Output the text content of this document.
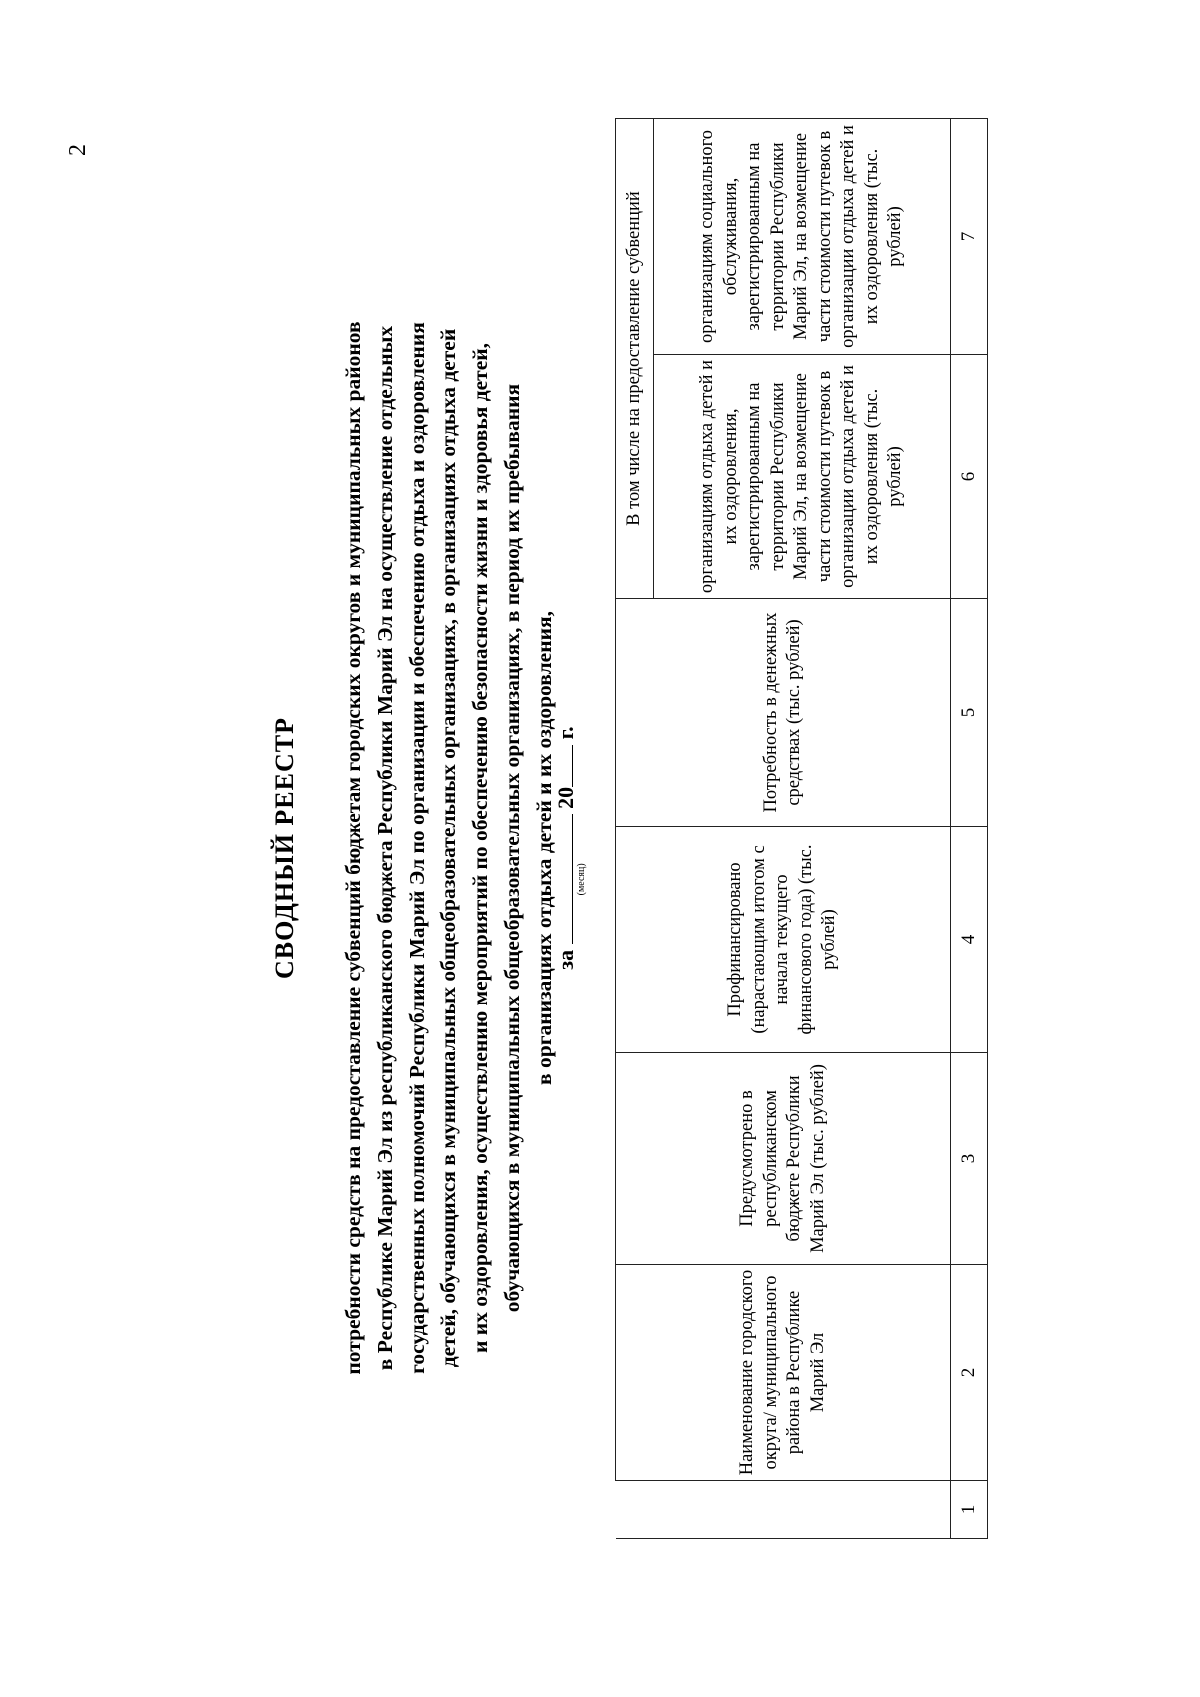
2
СВОДНЫЙ РЕЕСТР потребности средств на предоставление субвенций бюджетам городских округов и муниципальных районов в Республике Марий Эл из республиканского бюджета Республики Марий Эл на осуществление отдельных государственных полномочий Республики Марий Эл по организации и обеспечению отдыха и оздоровления детей, обучающихся в муниципальных общеобразовательных организациях, в организациях отдыха детей и их оздоровления, осуществлению мероприятий по обеспечению безопасности жизни и здоровья детей, обучающихся в муниципальных общеобразовательных организациях, в период их пребывания в организациях отдыха детей и их оздоровления,
за
(месяц)
20 г.
	Наименование городского округа/ муниципального района в Республике Марий Эл	Предусмотрено в республиканском бюджете Республики Марий Эл (тыс. рублей)	Профинансировано (нарастающим итогом с начала текущего финансового года) (тыс. рублей)	Потребность в денежных средствах (тыс. рублей)	В том числе на предоставление субвенций	
					организациям отдыха детей и их оздоровления, зарегистрированным на территории Республики Марий Эл, на возмещение части стоимости путевок в организации отдыха детей и их оздоровления (тыс. рублей)	организациям социального обслуживания, зарегистрированным на территории Республики Марий Эл, на возмещение части стоимости путевок в организации отдыха детей и их оздоровления (тыс. рублей)
1	2	3	4	5	6	7
